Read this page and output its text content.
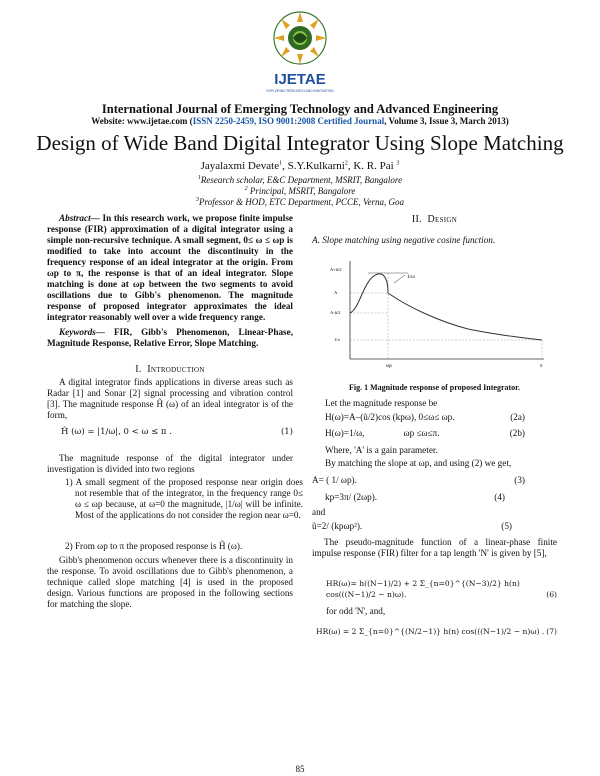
IJETAE
EXPLORING RESEARCH AND INNOVATION
International Journal of Emerging Technology and Advanced Engineering
Website: www.ijetae.com (ISSN 2250-2459, ISO 9001:2008 Certified Journal, Volume 3, Issue 3, March 2013)
Design of Wide Band Digital Integrator Using Slope Matching
Jayalaxmi Devate$^1$, S.Y.Kulkarni$^2$, K. R. Pai $^3$
$^1$Research scholar, E&C Department, MSRIT, Bangalore
$^2$ Principal, MSRIT, Bangalore
$^3$Professor & HOD, ETC Department, PCCE, Verna, Goa
Abstract— In this research work, we propose finite impulse response (FIR) approximation of a digital integrator using a simple non-recursive technique. A small segment, 0≤ ω ≤ ωp is modified to take into account the discontinuity in the frequency response of an ideal integrator at the origin. From ωp to π, the response is that of an ideal integrator. Slope matching is done at ωp between the two segments to avoid oscillations due to Gibb's phenomenon. The magnitude response of proposed integrator approximates the ideal integrator reasonably well over a wide frequency range.
Keywords— FIR, Gibb's Phenomenon, Linear-Phase, Magnitude Response, Relative Error, Slope Matching.
I. Introduction
A digital integrator finds applications in diverse areas such as Radar [1] and Sonar [2] signal processing and vibration control [3]. The magnitude response H̃ (ω) of an ideal integrator is of the form,
H̃ (ω) = |1/ω|, 0 < ω ≤ π .	(1)
The magnitude response of the digital integrator under investigation is divided into two regions
1) A small segment of the proposed response near origin does not resemble that of the integrator, in the frequency range 0≤ ω ≤ ωp because, at ω=0 the magnitude, |1/ω| will be infinite. Most of the applications do not consider the region near ω=0.
2) From ωp to π the proposed response is H̃ (ω).
Gibb's phenomenon occurs whenever there is a discontinuity in the response. To avoid oscillations due to Gibb's phenomenon, a technique called slope matching [4] is used in the proposed design. Various functions are proposed in the following sections for matching the slope.
II. Design
A. Slope matching using negative cosine function.
1/ω
A+ũ/2
A
A-ũ/2
1/π
ωp	π
Fig. 1 Magnitude response of proposed Integrator.
Let the magnitude response be
H(ω)=A–(ũ/2)cos (kpω), 0≤ω≤ ωp.	(2a)
H(ω)=1/ω,                 ωp ≤ω≤π.	(2b)
Where, 'A' is a gain parameter.
By matching the slope at ωp, and using (2) we get,
A= ( 1/ ωp).	(3)
kp=3π/ (2ωp).	(4)
and
ũ=2/ (kpωp²).	(5)
The pseudo-magnitude function of a linear-phase finite impulse response (FIR) filter for a tap length 'N' is given by [5],
HR(ω)= h((N−1)/2) + 2 Σ_{n=0}^{(N−3)/2} h(n) cos(((N−1)/2 − n)ω).	(6)
for odd 'N', and,
HR(ω) = 2 Σ_{n=0}^{(N/2−1)} h(n) cos(((N−1)/2 − n)ω) . (7)
85
